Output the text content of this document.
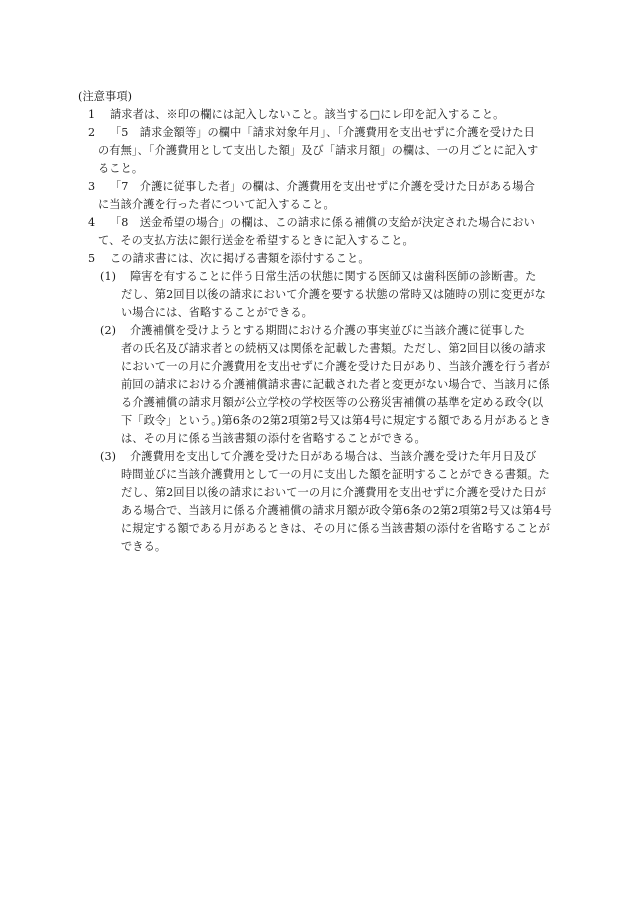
(注意事項)
1 請求者は、※印の欄には記入しないこと。該当する□にレ印を記入すること。
2 「5　請求金額等」の欄中「請求対象年月」、「介護費用を支出せずに介護を受けた日
の有無」、「介護費用として支出した額」及び「請求月額」の欄は、一の月ごとに記入す
ること。
3 「7　介護に従事した者」の欄は、介護費用を支出せずに介護を受けた日がある場合
に当該介護を行った者について記入すること。
4 「8　送金希望の場合」の欄は、この請求に係る補償の支給が決定された場合におい
て、その支払方法に銀行送金を希望するときに記入すること。
5 この請求書には、次に掲げる書類を添付すること。
(1) 障害を有することに伴う日常生活の状態に関する医師又は歯科医師の診断書。た
だし、第2回目以後の請求において介護を要する状態の常時又は随時の別に変更がな
い場合には、省略することができる。
(2) 介護補償を受けようとする期間における介護の事実並びに当該介護に従事した
者の氏名及び請求者との続柄又は関係を記載した書類。ただし、第2回目以後の請求
において一の月に介護費用を支出せずに介護を受けた日があり、当該介護を行う者が
前回の請求における介護補償請求書に記載された者と変更がない場合で、当該月に係
る介護補償の請求月額が公立学校の学校医等の公務災害補償の基準を定める政令(以
下「政令」という。)第6条の2第2項第2号又は第4号に規定する額である月があるとき
は、その月に係る当該書類の添付を省略することができる。
(3) 介護費用を支出して介護を受けた日がある場合は、当該介護を受けた年月日及び
時間並びに当該介護費用として一の月に支出した額を証明することができる書類。た
だし、第2回目以後の請求において一の月に介護費用を支出せずに介護を受けた日が
ある場合で、当該月に係る介護補償の請求月額が政令第6条の2第2項第2号又は第4号
に規定する額である月があるときは、その月に係る当該書類の添付を省略することが
できる。
